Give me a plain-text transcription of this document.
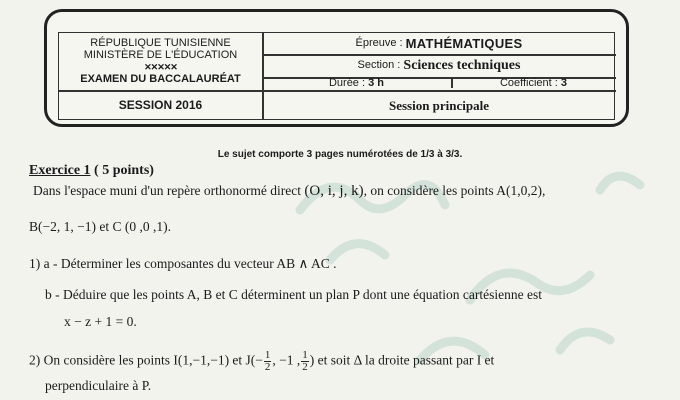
RÉPUBLIQUE TUNISIENNE
MINISTÈRE DE L'ÉDUCATION
✕✕✕✕✕
EXAMEN DU BACCALAURÉAT
Épreuve :
MATHÉMATIQUES
Section :
Sciences techniques
Durée :
3 h	Coefficient :
3
SESSION 2016	Session principale
Le sujet comporte 3 pages numérotées de 1/3 à 3/3.
Exercice 1 ( 5 points)
Dans l'espace muni d'un repère orthonormé direct (O, i, j, k), on considère les points A(1,0,2),
B(−2, 1, −1) et C (0 ,0 ,1).
1) a - Déterminer les composantes du vecteur AB ∧ AC .
b - Déduire que les points A, B et C déterminent un plan P dont une équation cartésienne est
x − z + 1 = 0.
2) On considère les points I(1,−1,−1) et $J(- \frac{1}{2}$ , −1 , $\frac{1}{2}$ ) et soit Δ la droite passant par I et
perpendiculaire à P.
